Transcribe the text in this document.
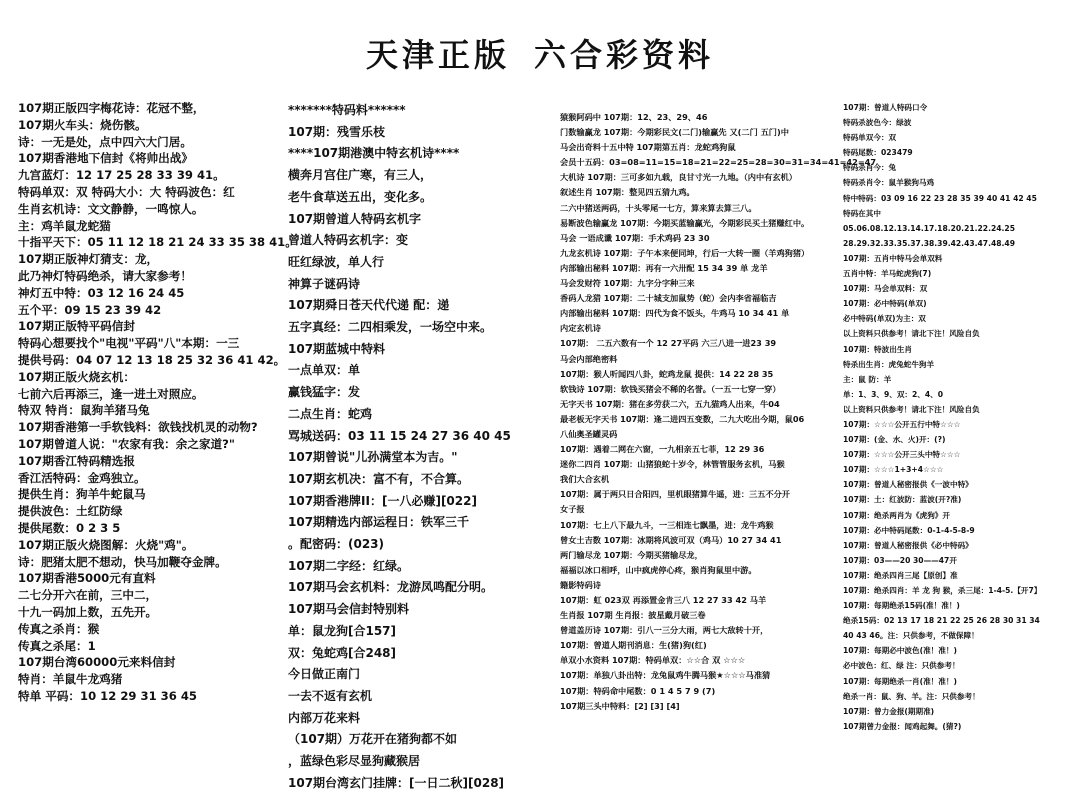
天津正版 六合彩资料
107期正版四字梅花诗：花冠不整，
107期火车头：烧伤骸。
诗：一无是处，点中四六大门居。
107期香港地下信封《将帅出战》
九宫蓝灯：12 17 25 28 33 39 41。
特码单双：双 特码大小：大 特码波色：红
生肖玄机诗：文文静静，一鸣惊人。
主：鸡羊鼠龙蛇猫
十指平天下：05 11 12 18 21 24 33 35 38 41。
107期正版神灯猜支：龙，
此乃神灯特码绝杀，请大家参考！
神灯五中特：03 12 16 24 45
五个平：09 15 23 39 42
107期正版特平码信封
特码心想要找个"电视"平码"八"本期：一三
提供号码：04 07 12 13 18 25 32 36 41 42。
107期正版火烧玄机：
七前六后再添三，逢一进土对照应。
特双 特肖：鼠狗羊猪马兔
107期香港第一手软钱料：欲钱找机灵的动物?
107期曾道人说："农家有我：余之家道?"
107期香江特码精选报
香江活特码：金鸡独立。
提供生肖：狗羊牛蛇鼠马
提供波色：土红防绿
提供尾数：0 2 3 5
107期正版火烧图解：火烧"鸡"。
诗：肥猪太肥不想动，快马加鞭夺金牌。
107期香港5000元有直料
二七分开六在前，三中二，
十九一码加上数，五先开。
传真之杀肖：猴
传真之杀尾：1
107期台湾60000元来料信封
特肖：羊鼠牛龙鸡猪
特单 平码：10 12 29 31 36 45
*******特码料******
107期：残雪乐枝
****107期港澳中特玄机诗****
横奔月宫住广寒，有三人，
老牛食草送五出，变化多。
107期曾道人特码玄机字
曾道人特码玄机字：变
旺红绿波，单人行
神算子谜码诗
107期舜日苍天代代递 配：递
五字真经：二四相乘发，一场空中来。
107期蓝城中特料
一点单双：单
赢钱猛字：发
二点生肖：蛇鸡
骂城送码：03 11 15 24 27 36 40 45
107期曾说"儿孙满堂本为吉。"
107期玄机决：富不有，不合算。
107期香港牌II：[一八必赚][022]
107期精选内部运程日：铁军三千
。配密码：(023)
107期二字经：红绿。
107期马会玄机料：龙游凤鸣配分明。
107期马会信封特别料
单：鼠龙狗[合157]
双：兔蛇鸡[合248]
今日做正南门
一去不返有玄机
内部万花来料
（107期）万花开在猪狗都不如
，蓝绿色彩尽显狗藏猴居
107期台湾玄门挂牌：[一日二秋][028]
猿猴阿码中 107期：12、23、29、46
门数输赢龙 107期：今期彩民文(二门)输赢先 又(二门 五门)中
马会出奇料十五中特 107期第五肖：龙蛇鸡狗鼠
会员十五码：03=08=11=15=18=21=22=25=28=30=31=34=41=42=47
大机诗 107期：三可多如九载，良甘寸光一九地。（内中有玄机）
叙述生肖 107期：整见四五猜九鸡。
二六中猪送两码，十头零尾一七方，算来算去算三八。
易断波色输赢龙 107期：今期买蓝输赢光，今期彩民买土猪赚红中。
马会 一语成谶 107期：手术鸡码 23 30
九龙玄机诗 107期：子午本来便同坤，行后一大转一圈（羊鸡狗猪）
内部输出秘料 107期：再有一六卅配 15 34 39 单 龙羊
马会发财符 107期：九字分字种三来
香码人龙猎 107期：二十城支加鼠势（蛇）会内李省福临吉
内部输出秘料 107期：四代为食不饭头，牛鸡马 10 34 41 单
内定玄机诗
107期： 二五六数有一个 12 27平码 六三八进一进23 39
马会内部绝密料
107期：猴人听闻四八卦，蛇鸡龙鼠 提供：14 22 28 35
软钱诗 107期：软钱买猪会不稀的名誉。（一五一七穿一穿）
无字天书 107期：猪在多劳获二六，五九猫鸡人出来，牛04
最老板无字天书 107期：逢二进四五变数，二九大吃出今期，鼠06
八仙奥圣罐灵码
107期：遇着二网在六窗，一九相亲五七菲，12 29 36
迷你二四肖 107期：山猪狼蛇十岁令，林管管服务玄机，马猴
我们大合玄机
107期：属于两只日合阳四，里机眼猪算牛遥，进：三五不分开
女子报
107期：七上八下最九斗，一三相连七飘墨，进：龙牛鸡猴
曾女土吉数 107期：冰期将风波可双（鸡马）10 27 34 41
两门输尽龙 107期：今期买猪输尽龙，
福福以冰口相呼，山中疯虎停心疼，猴肖狗鼠里中游。
籍影特码诗
107期：虹 023双 再添置金肯三八 12 27 33 42 马羊
生肖报 107期 生肖报：披星戴月破三卷
曾道盖历诗 107期：引八一三分大雨，两七大敌转十开，
107期：曾道人期刊消息：生(猪)狗(红)
单双小水资料 107期：特码单双：☆☆合 双 ☆☆☆
107期：单独八卦出特：龙兔鼠鸡牛腾马猴★☆☆☆马准猜
107期：特码命中尾数：0 1 4 5 7 9 (7)
107期三头中特料：[2] [3] [4]
107期：曾道人特码口令
特码杀波色今：绿波
特码单双今：双
特码尾数：023479
特码杀肖今：兔
特码杀肖令：鼠羊猴狗马鸡
特中特码：03 09 16 22 23 28 35 39 40 41 42 45
特码在其中
05.06.08.12.13.14.17.18.20.21.22.24.25
28.29.32.33.35.37.38.39.42.43.47.48.49
107期：五肖中特马会单双料
五肖中特：羊马蛇虎狗(7)
107期：马会单双料：双
107期：必中特码(单双)
必中特码(单双)为主：双
以上资料只供参考！请北下注！风险自负
107期：特波出生肖
特杀出生肖：虎兔蛇牛狗羊
主：鼠 防：羊
单：1、3、9、双：2、4、0
以上资料只供参考！请北下注！风险自负
107期：☆☆☆公开五行中特☆☆☆
107期：(金、水、火)开：(?)
107期：☆☆☆公开三头中特☆☆☆
107期：☆☆☆1+3+4☆☆☆
107期：曾道人秘密报供《一波中特》
107期：土：红波防：蓝波(开?准)
107期：绝杀两肖为《虎狗》开
107期：必中特码尾数：0-1-4-5-8-9
107期：曾道人秘密报供《必中特码》
107期：03——20 30——47开
107期：绝杀四肖三尾【原创】准
107期：绝杀四肖：羊 龙 狗 猴，杀三尾：1-4-5.【开7】
107期：每期绝杀15码(准！准！)
绝杀15码：02 13 17 18 21 22 25 26 28 30 31 34
40 43 46。注：只供参考，不做保障！
107期：每期必中波色(准！准！)
必中波色：红、绿 注：只供参考！
107期：每期绝杀一肖(准！准！)
绝杀一肖：鼠、狗、羊。注：只供参考！
107期：曾力金报(期期准)
107期曾力金报：闻鸡起舞。(猜?)
